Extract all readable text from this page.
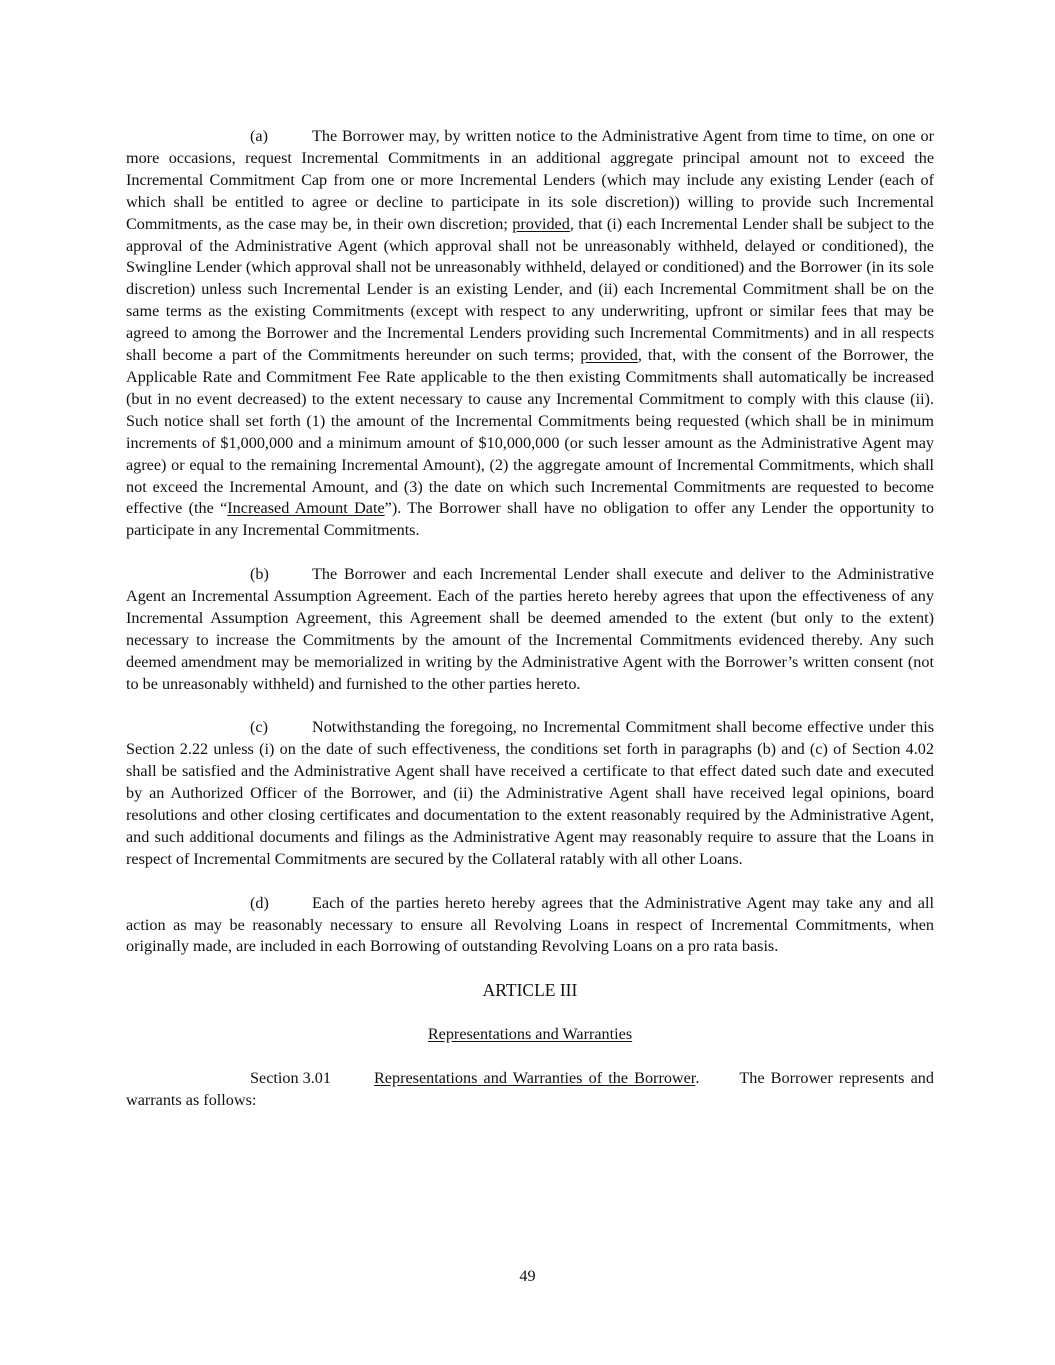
(a)	The Borrower may, by written notice to the Administrative Agent from time to time, on one or more occasions, request Incremental Commitments in an additional aggregate principal amount not to exceed the Incremental Commitment Cap from one or more Incremental Lenders (which may include any existing Lender (each of which shall be entitled to agree or decline to participate in its sole discretion)) willing to provide such Incremental Commitments, as the case may be, in their own discretion; provided, that (i) each Incremental Lender shall be subject to the approval of the Administrative Agent (which approval shall not be unreasonably withheld, delayed or conditioned), the Swingline Lender (which approval shall not be unreasonably withheld, delayed or conditioned) and the Borrower (in its sole discretion) unless such Incremental Lender is an existing Lender, and (ii) each Incremental Commitment shall be on the same terms as the existing Commitments (except with respect to any underwriting, upfront or similar fees that may be agreed to among the Borrower and the Incremental Lenders providing such Incremental Commitments) and in all respects shall become a part of the Commitments hereunder on such terms; provided, that, with the consent of the Borrower, the Applicable Rate and Commitment Fee Rate applicable to the then existing Commitments shall automatically be increased (but in no event decreased) to the extent necessary to cause any Incremental Commitment to comply with this clause (ii). Such notice shall set forth (1) the amount of the Incremental Commitments being requested (which shall be in minimum increments of $1,000,000 and a minimum amount of $10,000,000 (or such lesser amount as the Administrative Agent may agree) or equal to the remaining Incremental Amount), (2) the aggregate amount of Incremental Commitments, which shall not exceed the Incremental Amount, and (3) the date on which such Incremental Commitments are requested to become effective (the “Increased Amount Date”). The Borrower shall have no obligation to offer any Lender the opportunity to participate in any Incremental Commitments.

(b)	The Borrower and each Incremental Lender shall execute and deliver to the Administrative Agent an Incremental Assumption Agreement. Each of the parties hereto hereby agrees that upon the effectiveness of any Incremental Assumption Agreement, this Agreement shall be deemed amended to the extent (but only to the extent) necessary to increase the Commitments by the amount of the Incremental Commitments evidenced thereby. Any such deemed amendment may be memorialized in writing by the Administrative Agent with the Borrower’s written consent (not to be unreasonably withheld) and furnished to the other parties hereto.

(c)	Notwithstanding the foregoing, no Incremental Commitment shall become effective under this Section 2.22 unless (i) on the date of such effectiveness, the conditions set forth in paragraphs (b) and (c) of Section 4.02 shall be satisfied and the Administrative Agent shall have received a certificate to that effect dated such date and executed by an Authorized Officer of the Borrower, and (ii) the Administrative Agent shall have received legal opinions, board resolutions and other closing certificates and documentation to the extent reasonably required by the Administrative Agent, and such additional documents and filings as the Administrative Agent may reasonably require to assure that the Loans in respect of Incremental Commitments are secured by the Collateral ratably with all other Loans.

(d)	Each of the parties hereto hereby agrees that the Administrative Agent may take any and all action as may be reasonably necessary to ensure all Revolving Loans in respect of Incremental Commitments, when originally made, are included in each Borrowing of outstanding Revolving Loans on a pro rata basis.

ARTICLE III
Representations and Warranties

Section 3.01	Representations and Warranties of the Borrower. The Borrower represents and warrants as follows:

49
